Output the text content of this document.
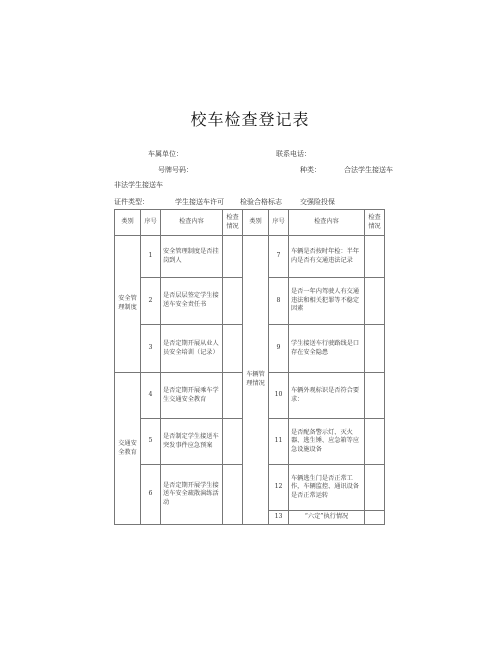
校车检查登记表
车属单位：	联系电话：
号牌号码：	种类：	合法学生接送车
非法学生接送车
证件类型：	学生接送车许可 检验合格标志	交强险投保
类别	序号	检查内容	检查情况	类别	序号	检查内容	检查情况
安全管理制度	1	安全管理制度是否挂岗到人		车辆管理情况	7	车辆是否按时年检：半年内是否有交通违法记录	
	2	是否层层签定学生接送车安全责任书			8	是否一年内驾驶人有交通违法和相关犯罪等不稳定因素	
	3	是否定期开展从业人员安全培训（记录）			9	学生接送车行驶路线是口存在安全隐患	
交通安全教育	4	是否定期开展乘车学生交通安全教育			10	车辆外观标识是否符合要求：	
	5	是否制定学生接送车突发事件应急预案			11	是否配备警示灯、灭火器、逃生锤、应急箱等应急设施设备	
	6	是否定期开展学生接送车安全疏散演练活动			12	车辆逃生门是否正常工作，车辆监控、通讯设备是否正常运转	
					13	“六定”执行情况	
